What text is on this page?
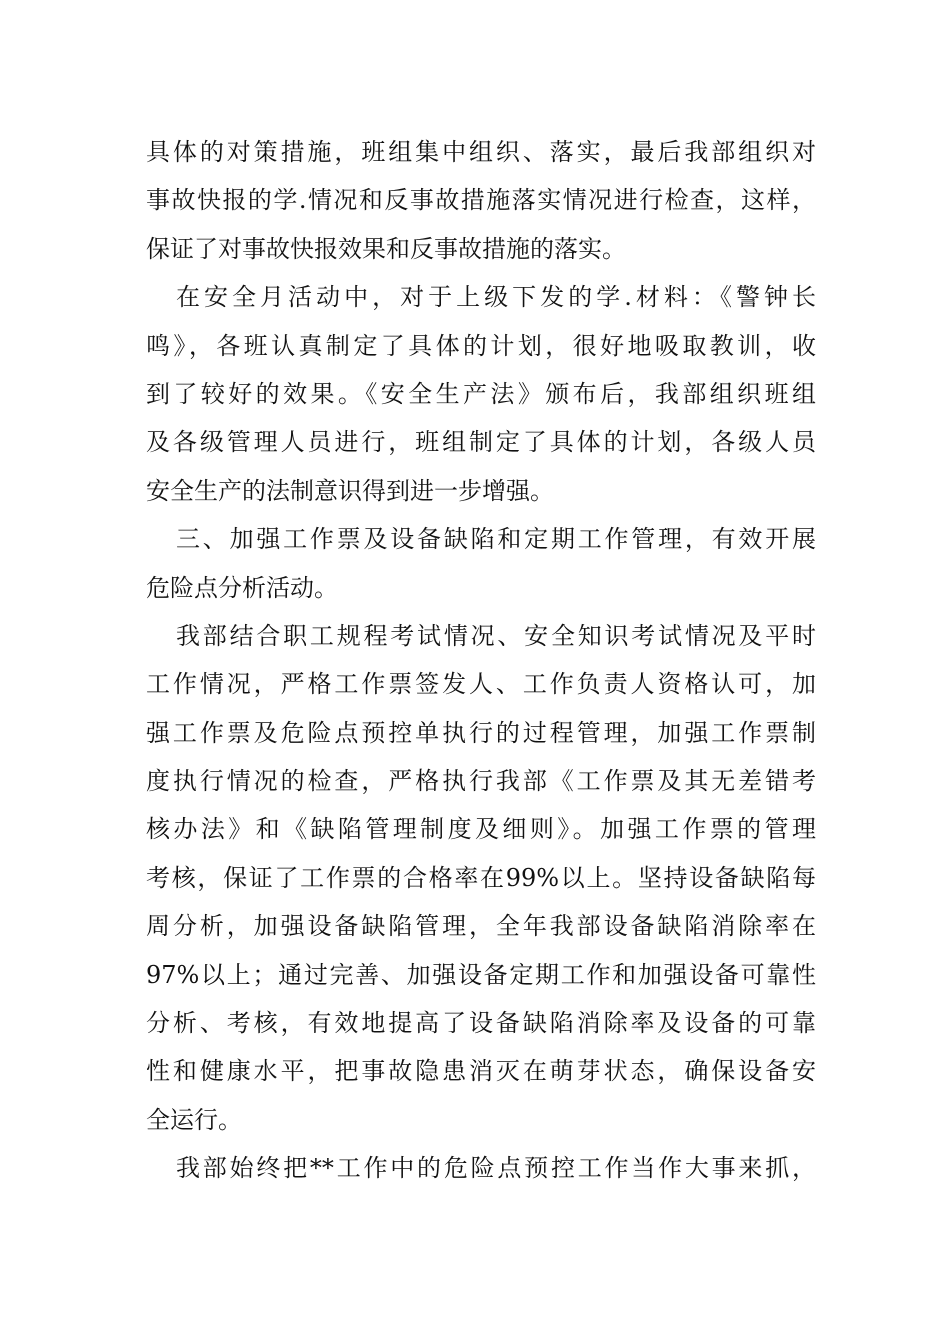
具体的对策措施，班组集中组织、落实，最后我部组织对
事故快报的学.情况和反事故措施落实情况进行检查，这样，
保证了对事故快报效果和反事故措施的落实。
在安全月活动中，对于上级下发的学.材料：《警钟长
鸣》，各班认真制定了具体的计划，很好地吸取教训，收
到了较好的效果。《安全生产法》颁布后，我部组织班组
及各级管理人员进行，班组制定了具体的计划，各级人员
安全生产的法制意识得到进一步增强。
三、加强工作票及设备缺陷和定期工作管理，有效开展
危险点分析活动。
我部结合职工规程考试情况、安全知识考试情况及平时
工作情况，严格工作票签发人、工作负责人资格认可，加
强工作票及危险点预控单执行的过程管理，加强工作票制
度执行情况的检查，严格执行我部《工作票及其无差错考
核办法》和《缺陷管理制度及细则》。加强工作票的管理
考核，保证了工作票的合格率在99%以上。坚持设备缺陷每
周分析，加强设备缺陷管理，全年我部设备缺陷消除率在
97%以上；通过完善、加强设备定期工作和加强设备可靠性
分析、考核，有效地提高了设备缺陷消除率及设备的可靠
性和健康水平，把事故隐患消灭在萌芽状态，确保设备安
全运行。
我部始终把**工作中的危险点预控工作当作大事来抓，
